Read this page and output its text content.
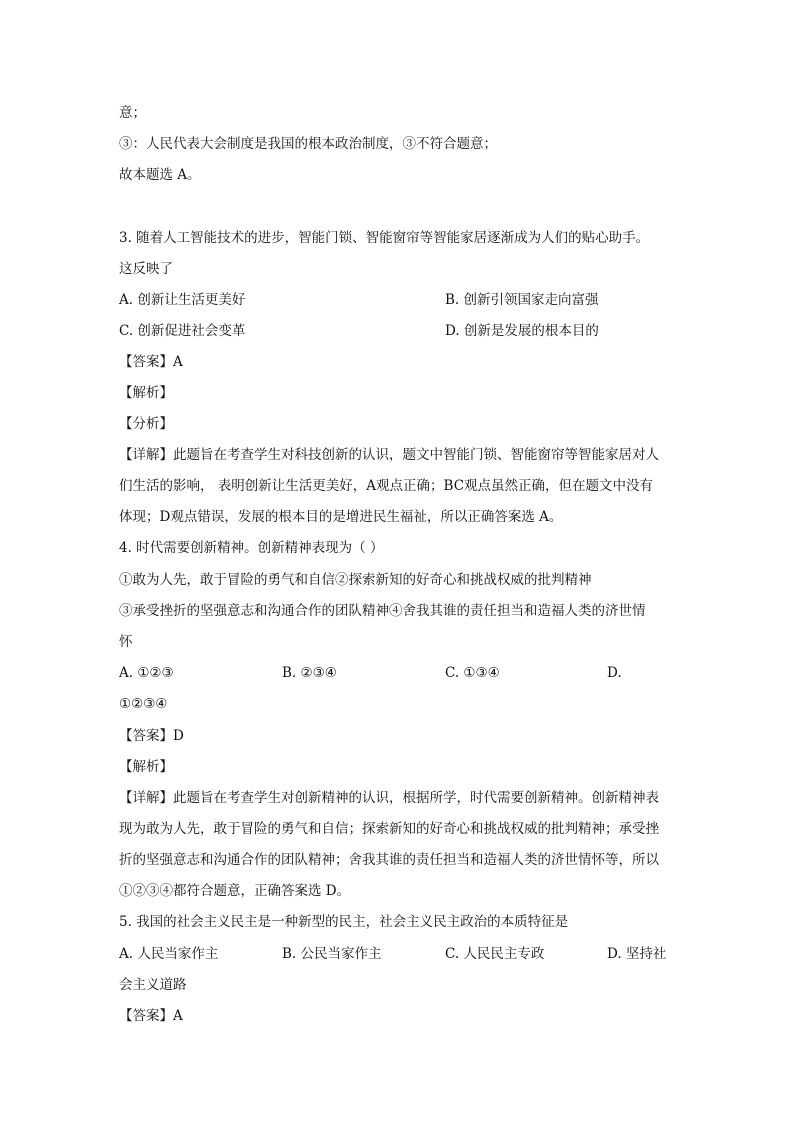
意；
③：人民代表大会制度是我国的根本政治制度，③不符合题意；
故本题选 A。
3. 随着人工智能技术的进步，智能门锁、智能窗帘等智能家居逐渐成为人们的贴心助手。
这反映了
A. 创新让生活更美好	B. 创新引领国家走向富强
C. 创新促进社会变革	D. 创新是发展的根本目的
【答案】A
【解析】
【分析】
【详解】此题旨在考查学生对科技创新的认识，题文中智能门锁、智能窗帘等智能家居对人
们生活的影响， 表明创新让生活更美好，A观点正确；BC观点虽然正确，但在题文中没有
体现；D观点错误，发展的根本目的是增进民生福祉，所以正确答案选 A。
4. 时代需要创新精神。创新精神表现为（ ）
①敢为人先，敢于冒险的勇气和自信②探索新知的好奇心和挑战权威的批判精神
③承受挫折的坚强意志和沟通合作的团队精神④舍我其谁的责任担当和造福人类的济世情
怀
A. ①②③	B. ②③④	C. ①③④	D.
①②③④
【答案】D
【解析】
【详解】此题旨在考查学生对创新精神的认识，根据所学，时代需要创新精神。创新精神表
现为敢为人先，敢于冒险的勇气和自信；探索新知的好奇心和挑战权威的批判精神；承受挫
折的坚强意志和沟通合作的团队精神；舍我其谁的责任担当和造福人类的济世情怀等，所以
①②③④都符合题意，正确答案选 D。
5. 我国的社会主义民主是一种新型的民主，社会主义民主政治的本质特征是
A. 人民当家作主	B. 公民当家作主	C. 人民民主专政	D. 坚持社
会主义道路
【答案】A
